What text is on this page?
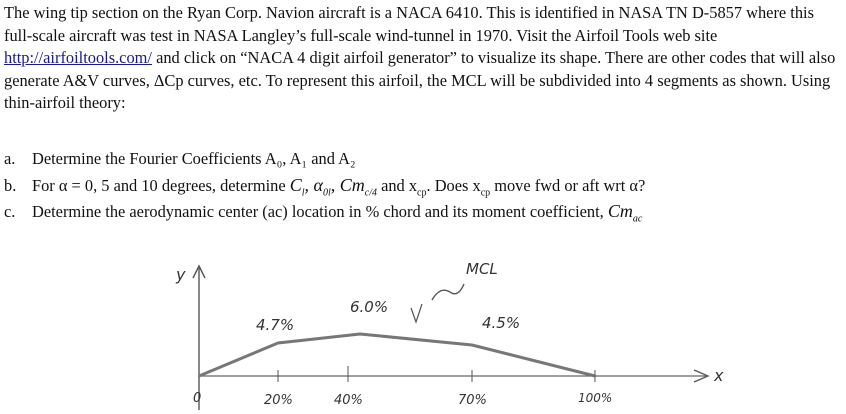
The wing tip section on the Ryan Corp. Navion aircraft is a NACA 6410. This is identified in NASA TN D-5857 where this full-scale aircraft was test in NASA Langley’s full-scale wind-tunnel in 1970. Visit the Airfoil Tools web site http://airfoiltools.com/ and click on “NACA 4 digit airfoil generator” to visualize its shape. There are other codes that will also generate A&V curves, ΔCp curves, etc. To represent this airfoil, the MCL will be subdivided into 4 segments as shown. Using thin-airfoil theory:
a. Determine the Fourier Coefficients A₀, A₁ and A₂
b. For α = 0, 5 and 10 degrees, determine $C_l$, $\alpha_{0l}$, $Cm_{c/4}$ and $x_{cp}$. Does $x_{cp}$ move fwd or aft wrt α?
c. Determine the aerodynamic center (ac) location in % chord and its moment coefficient, $Cm_{ac}$
y
x
0
4.7%
6.0%
4.5%
MCL
20%	40%	70%	100%
